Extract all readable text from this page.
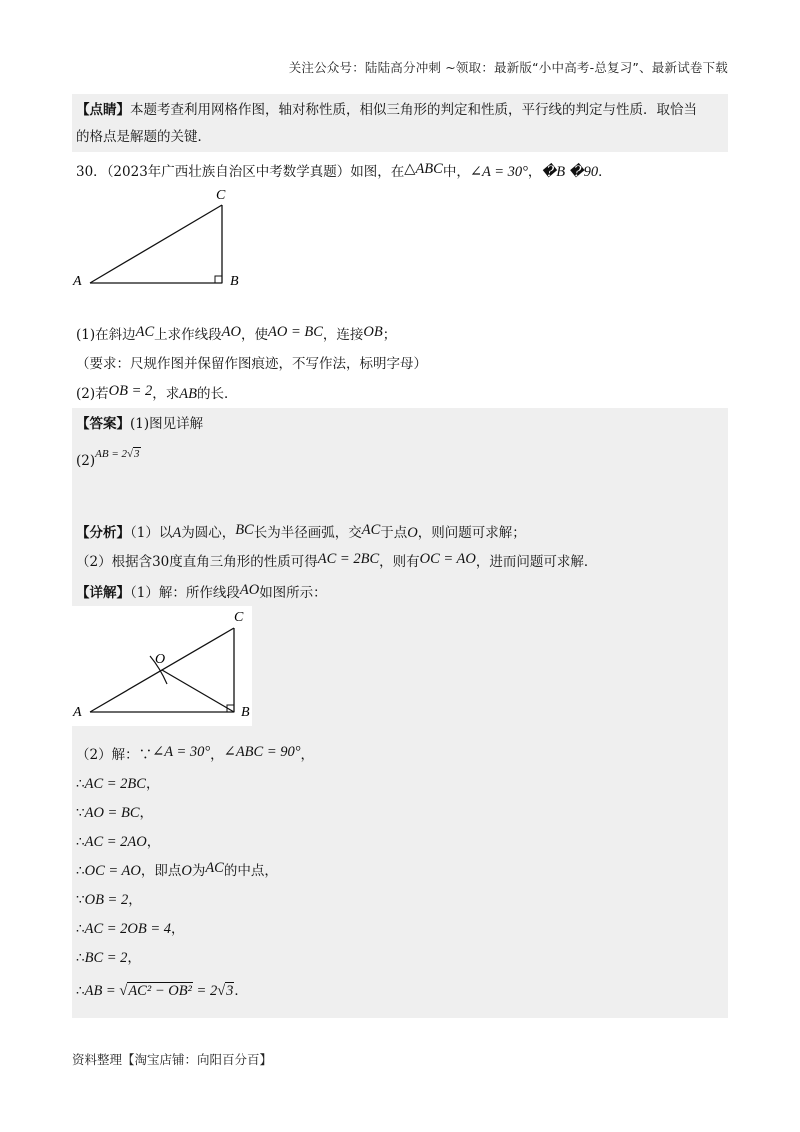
关注公众号：陆陆高分冲刺 ~领取：最新版“小中高考-总复习”、最新试卷下载
【点睛】本题考查利用网格作图，轴对称性质，相似三角形的判定和性质，平行线的判定与性质．取恰当
的格点是解题的关键．
30．（2023年广西壮族自治区中考数学真题）如图，在△ABC中，∠A = 30°，�B �90．
A	B
C
(1)在斜边AC上求作线段AO，使AO = BC，连接OB；
（要求：尺规作图并保留作图痕迹，不写作法，标明字母）
(2)若OB = 2，求AB的长．
【答案】(1)图见详解
$(2)^{AB = 2√3}$
【分析】（1）以A为圆心，BC长为半径画弧，交AC于点O，则问题可求解；
（2）根据含30度直角三角形的性质可得AC = 2BC，则有OC = AO，进而问题可求解．
【详解】（1）解：所作线段AO如图所示：
A	B
C
O
（2）解：∵∠A = 30°，∠ABC = 90°，
∴AC = 2BC，
∵AO = BC，
∴AC = 2AO，
∴OC = AO，即点O为AC的中点，
∵OB = 2，
∴AC = 2OB = 4，
∴BC = 2，
∴AB = √AC² − OB² = 2√3．
资料整理【淘宝店铺：向阳百分百】
